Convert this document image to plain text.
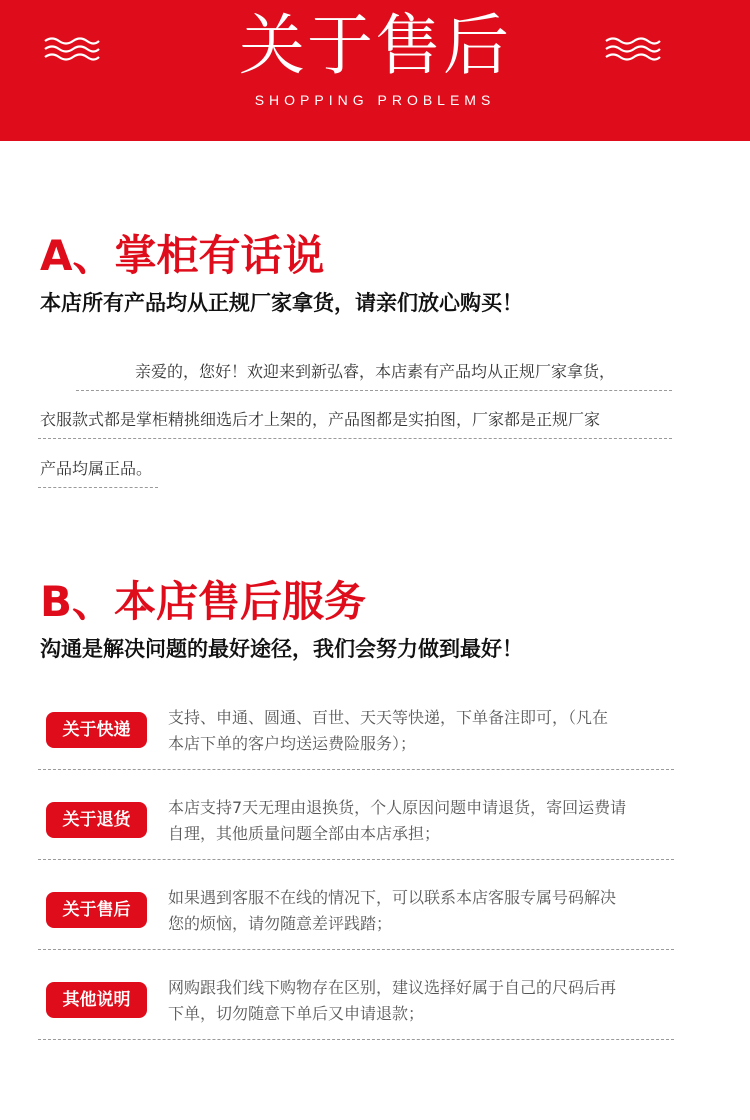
关于售后
SHOPPING PROBLEMS
A、掌柜有话说
本店所有产品均从正规厂家拿货，请亲们放心购买！
亲爱的，您好！欢迎来到新弘睿，本店素有产品均从正规厂家拿货，
衣服款式都是掌柜精挑细选后才上架的，产品图都是实拍图，厂家都是正规厂家
产品均属正品。
B、本店售后服务
沟通是解决问题的最好途径，我们会努力做到最好！
关于快递
支持、申通、圆通、百世、天天等快递，下单备注即可，（凡在
本店下单的客户均送运费险服务）；
关于退货
本店支持7天无理由退换货，个人原因问题申请退货，寄回运费请
自理，其他质量问题全部由本店承担；
关于售后
如果遇到客服不在线的情况下，可以联系本店客服专属号码解决
您的烦恼，请勿随意差评践踏；
其他说明
网购跟我们线下购物存在区别，建议选择好属于自己的尺码后再
下单，切勿随意下单后又申请退款；
